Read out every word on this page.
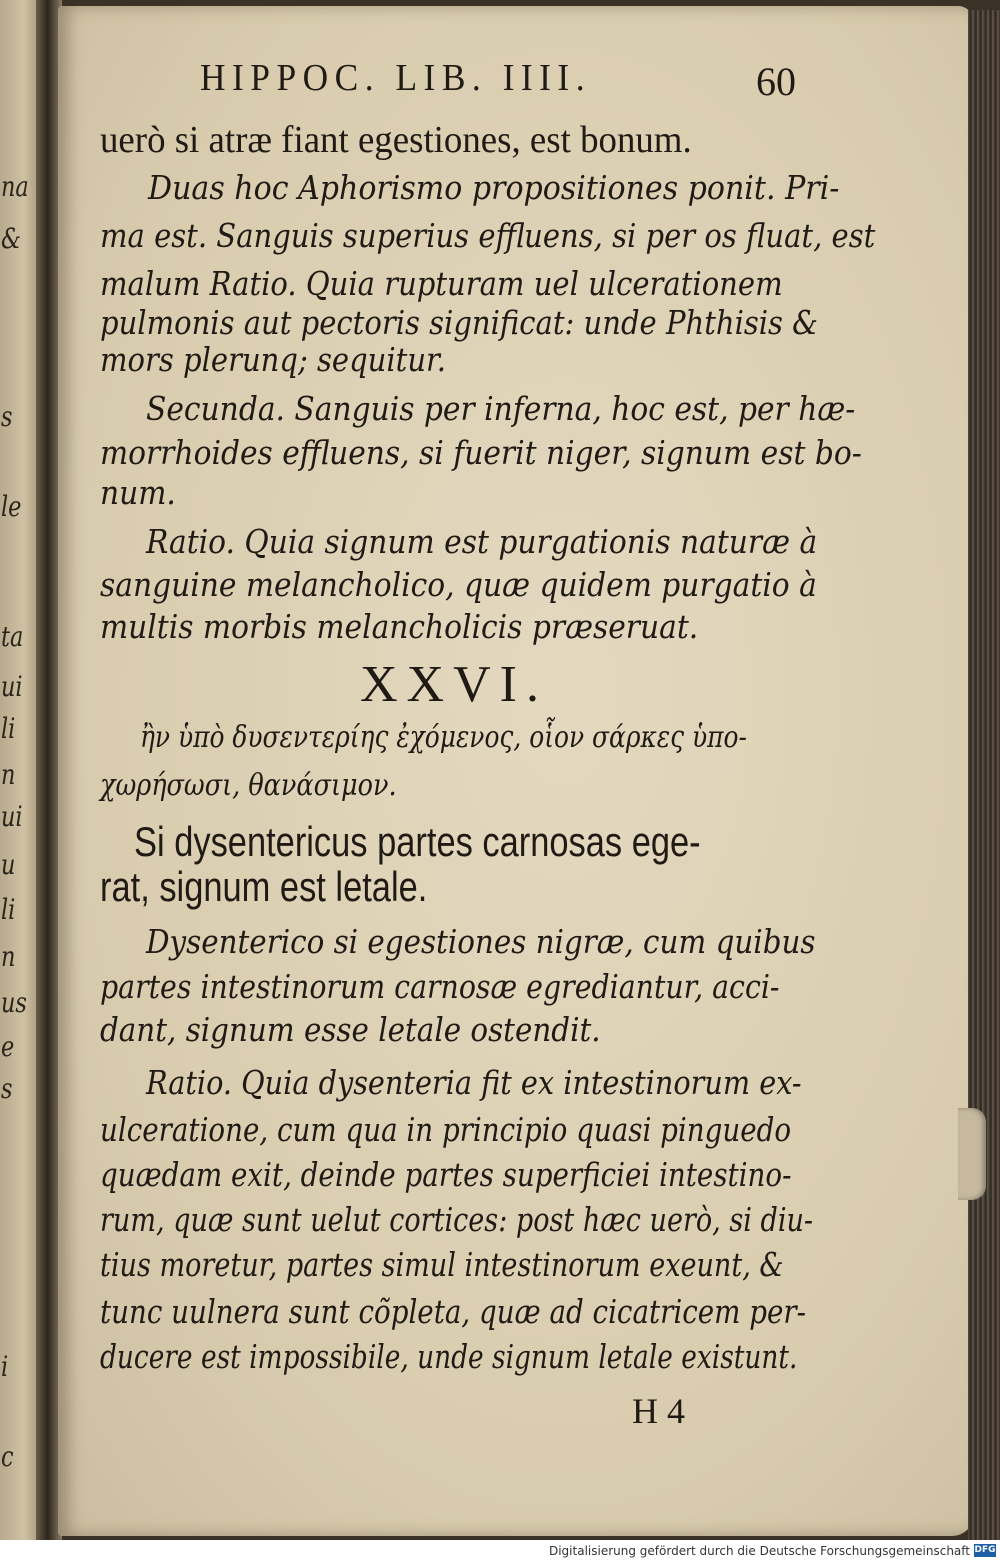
na
&
s
le
ta
ui
li
n
ui
u
li
n
us
e
s
i
c
HIPPOC. LIB. IIII.	60
uerò si atræ fiant egestiones, est bonum.
Duas hoc Aphorismo propositiones ponit. Pri-
ma est. Sanguis superius effluens, si per os fluat, est
malum Ratio. Quia rupturam uel ulcerationem
pulmonis aut pectoris significat: unde Phthisis &
mors plerunq; sequitur.
Secunda. Sanguis per inferna, hoc est, per hæ-
morrhoides effluens, si fuerit niger, signum est bo-
num.
Ratio. Quia signum est purgationis naturæ à
sanguine melancholico, quæ quidem purgatio à
multis morbis melancholicis præseruat.
XXVI.
ἢν ὑπὸ δυσεντερίης ἐχόμενος, οἷον σάρκες ὑπο-
χωρήσωσι, θανάσιμον.
Si dysentericus partes carnosas ege-
rat, signum est letale.
Dysenterico si egestiones nigræ, cum quibus
partes intestinorum carnosæ egrediantur, acci-
dant, signum esse letale ostendit.
Ratio. Quia dysenteria fit ex intestinorum ex-
ulceratione, cum qua in principio quasi pinguedo
quædam exit, deinde partes superficiei intestino-
rum, quæ sunt uelut cortices: post hæc uerò, si diu-
tius moretur, partes simul intestinorum exeunt, &
tunc uulnera sunt cõpleta, quæ ad cicatricem per-
ducere est impossibile, unde signum letale existunt.
H 4
Digitalisierung gefördert durch die Deutsche Forschungsgemeinschaft DFG
